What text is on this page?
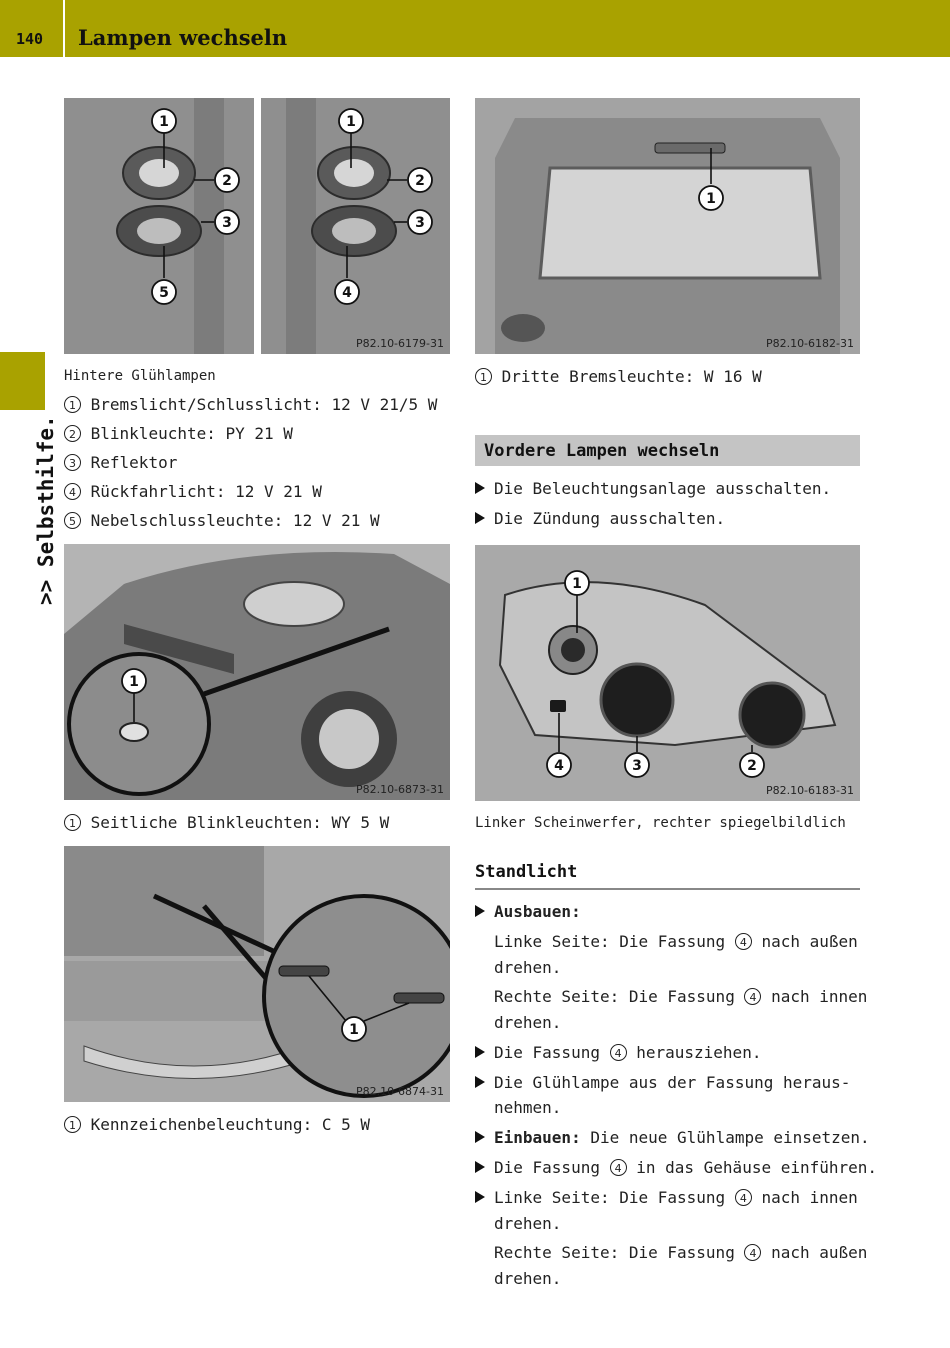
140 Lampen wechseln
>> Selbsthilfe.
1
2
3
5
1
2
3
4
P82.10-6179-31
1
P82.10-6182-31
Hintere Glühlampen
1 Bremslicht/Schlusslicht: 12 V 21/5 W
2 Blinkleuchte: PY 21 W
3 Reflektor
4 Rückfahrlicht: 12 V 21 W
5 Nebelschlussleuchte: 12 V 21 W
1
P82.10-6873-31
1 Seitliche Blinkleuchten: WY 5 W
1
P82.10-6874-31
1 Kennzeichenbeleuchtung: C 5 W
1 Dritte Bremsleuchte: W 16 W
Vordere Lampen wechseln
Die Beleuchtungsanlage ausschalten.
Die Zündung ausschalten.
1
4	3	2
P82.10-6183-31
Linker Scheinwerfer, rechter spiegelbildlich
Standlicht
Ausbauen:
Linke Seite: Die Fassung 4 nach außen
drehen.
Rechte Seite: Die Fassung 4 nach innen
drehen.
Die Fassung 4 herausziehen.
Die Glühlampe aus der Fassung heraus-
nehmen.
Einbauen: Die neue Glühlampe einsetzen.
Die Fassung 4 in das Gehäuse einführen.
Linke Seite: Die Fassung 4 nach innen
drehen.
Rechte Seite: Die Fassung 4 nach außen
drehen.
